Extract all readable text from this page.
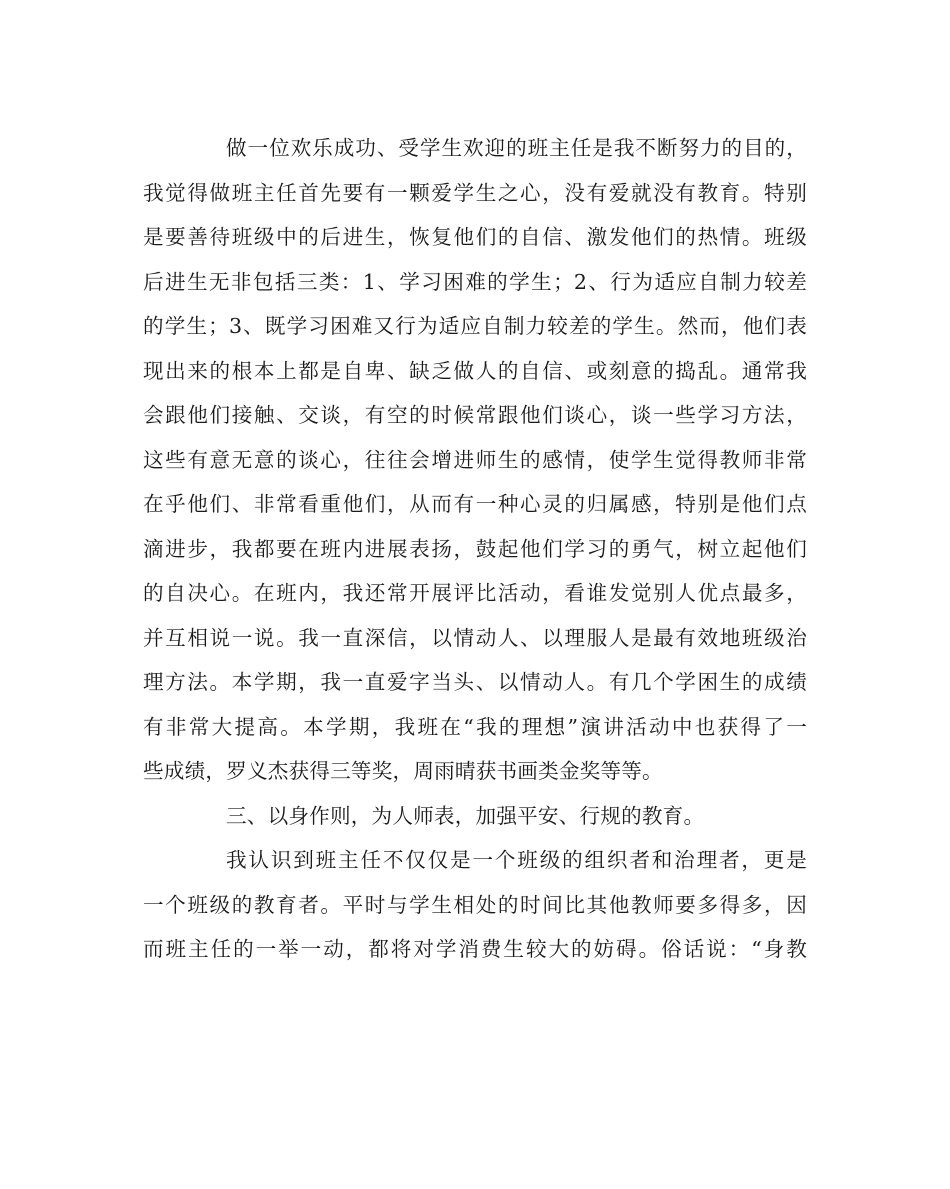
做一位欢乐成功、受学生欢迎的班主任是我不断努力的目的，
我觉得做班主任首先要有一颗爱学生之心，没有爱就没有教育。特别
是要善待班级中的后进生，恢复他们的自信、激发他们的热情。班级
后进生无非包括三类：1、学习困难的学生；2、行为适应自制力较差
的学生；3、既学习困难又行为适应自制力较差的学生。然而，他们表
现出来的根本上都是自卑、缺乏做人的自信、或刻意的捣乱。通常我
会跟他们接触、交谈，有空的时候常跟他们谈心，谈一些学习方法，
这些有意无意的谈心，往往会增进师生的感情，使学生觉得教师非常
在乎他们、非常看重他们，从而有一种心灵的归属感，特别是他们点
滴进步，我都要在班内进展表扬，鼓起他们学习的勇气，树立起他们
的自决心。在班内，我还常开展评比活动，看谁发觉别人优点最多，
并互相说一说。我一直深信，以情动人、以理服人是最有效地班级治
理方法。本学期，我一直爱字当头、以情动人。有几个学困生的成绩
有非常大提高。本学期，我班在“我的理想”演讲活动中也获得了一
些成绩，罗义杰获得三等奖，周雨晴获书画类金奖等等。
三、以身作则，为人师表，加强平安、行规的教育。
我认识到班主任不仅仅是一个班级的组织者和治理者，更是
一个班级的教育者。平时与学生相处的时间比其他教师要多得多，因
而班主任的一举一动，都将对学消费生较大的妨碍。俗话说：“身教
